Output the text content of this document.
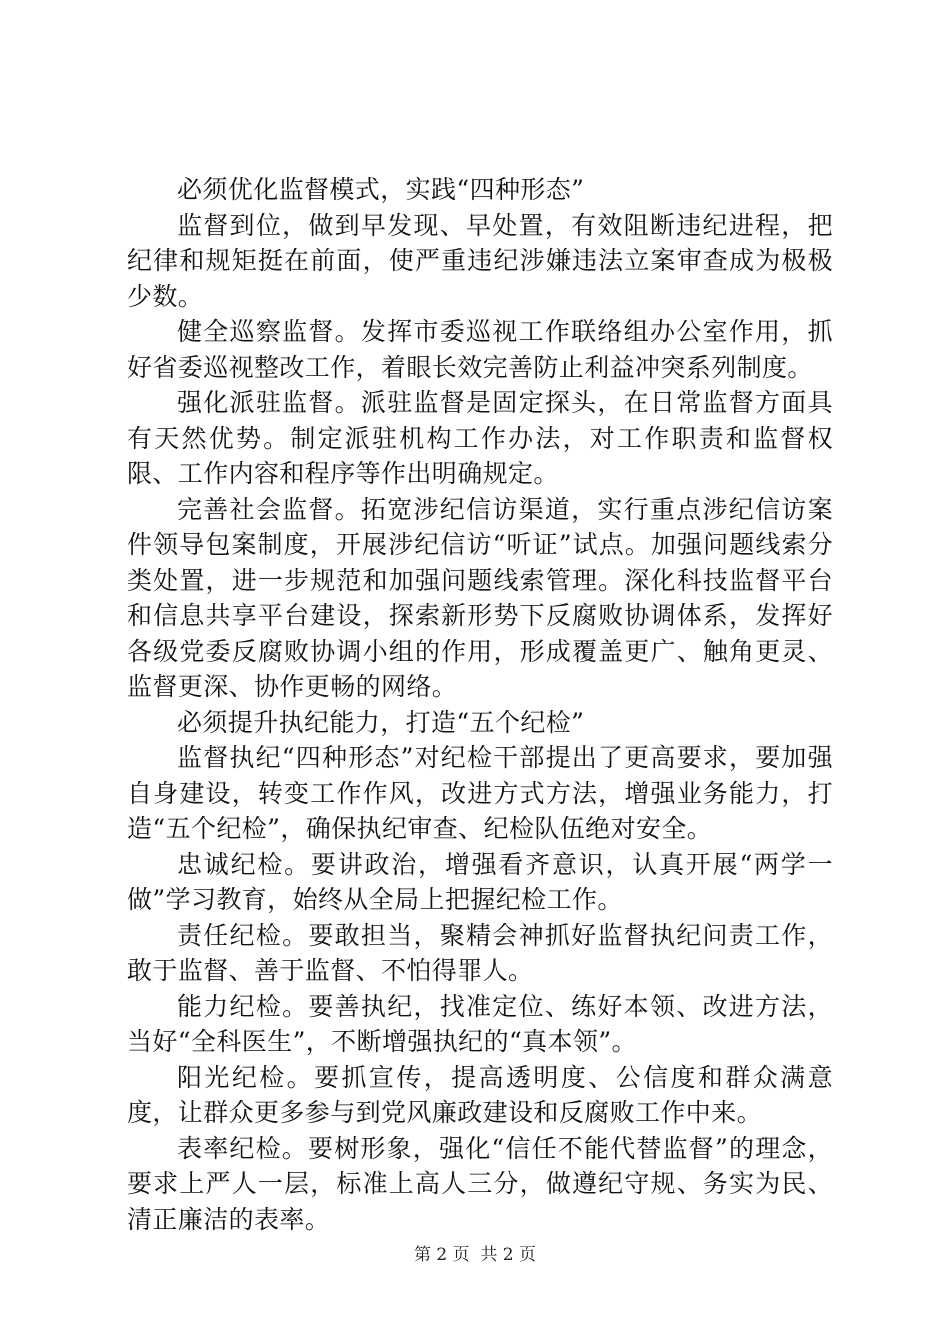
必须优化监督模式，实践“四种形态”

监督到位，做到早发现、早处置，有效阻断违纪进程，把纪律和规矩挺在前面，使严重违纪涉嫌违法立案审查成为极极少数。

健全巡察监督。发挥市委巡视工作联络组办公室作用，抓好省委巡视整改工作，着眼长效完善防止利益冲突系列制度。

强化派驻监督。派驻监督是固定探头，在日常监督方面具有天然优势。制定派驻机构工作办法，对工作职责和监督权限、工作内容和程序等作出明确规定。

完善社会监督。拓宽涉纪信访渠道，实行重点涉纪信访案件领导包案制度，开展涉纪信访“听证”试点。加强问题线索分类处置，进一步规范和加强问题线索管理。深化科技监督平台和信息共享平台建设，探索新形势下反腐败协调体系，发挥好各级党委反腐败协调小组的作用，形成覆盖更广、触角更灵、监督更深、协作更畅的网络。

必须提升执纪能力，打造“五个纪检”

监督执纪“四种形态”对纪检干部提出了更高要求，要加强自身建设，转变工作作风，改进方式方法，增强业务能力，打造“五个纪检”，确保执纪审查、纪检队伍绝对安全。

忠诚纪检。要讲政治，增强看齐意识，认真开展“两学一做”学习教育，始终从全局上把握纪检工作。

责任纪检。要敢担当，聚精会神抓好监督执纪问责工作，敢于监督、善于监督、不怕得罪人。

能力纪检。要善执纪，找准定位、练好本领、改进方法，当好“全科医生”，不断增强执纪的“真本领”。

阳光纪检。要抓宣传，提高透明度、公信度和群众满意度，让群众更多参与到党风廉政建设和反腐败工作中来。

表率纪检。要树形象，强化“信任不能代替监督”的理念，要求上严人一层，标准上高人三分，做遵纪守规、务实为民、清正廉洁的表率。

第 2 页  共 2 页
